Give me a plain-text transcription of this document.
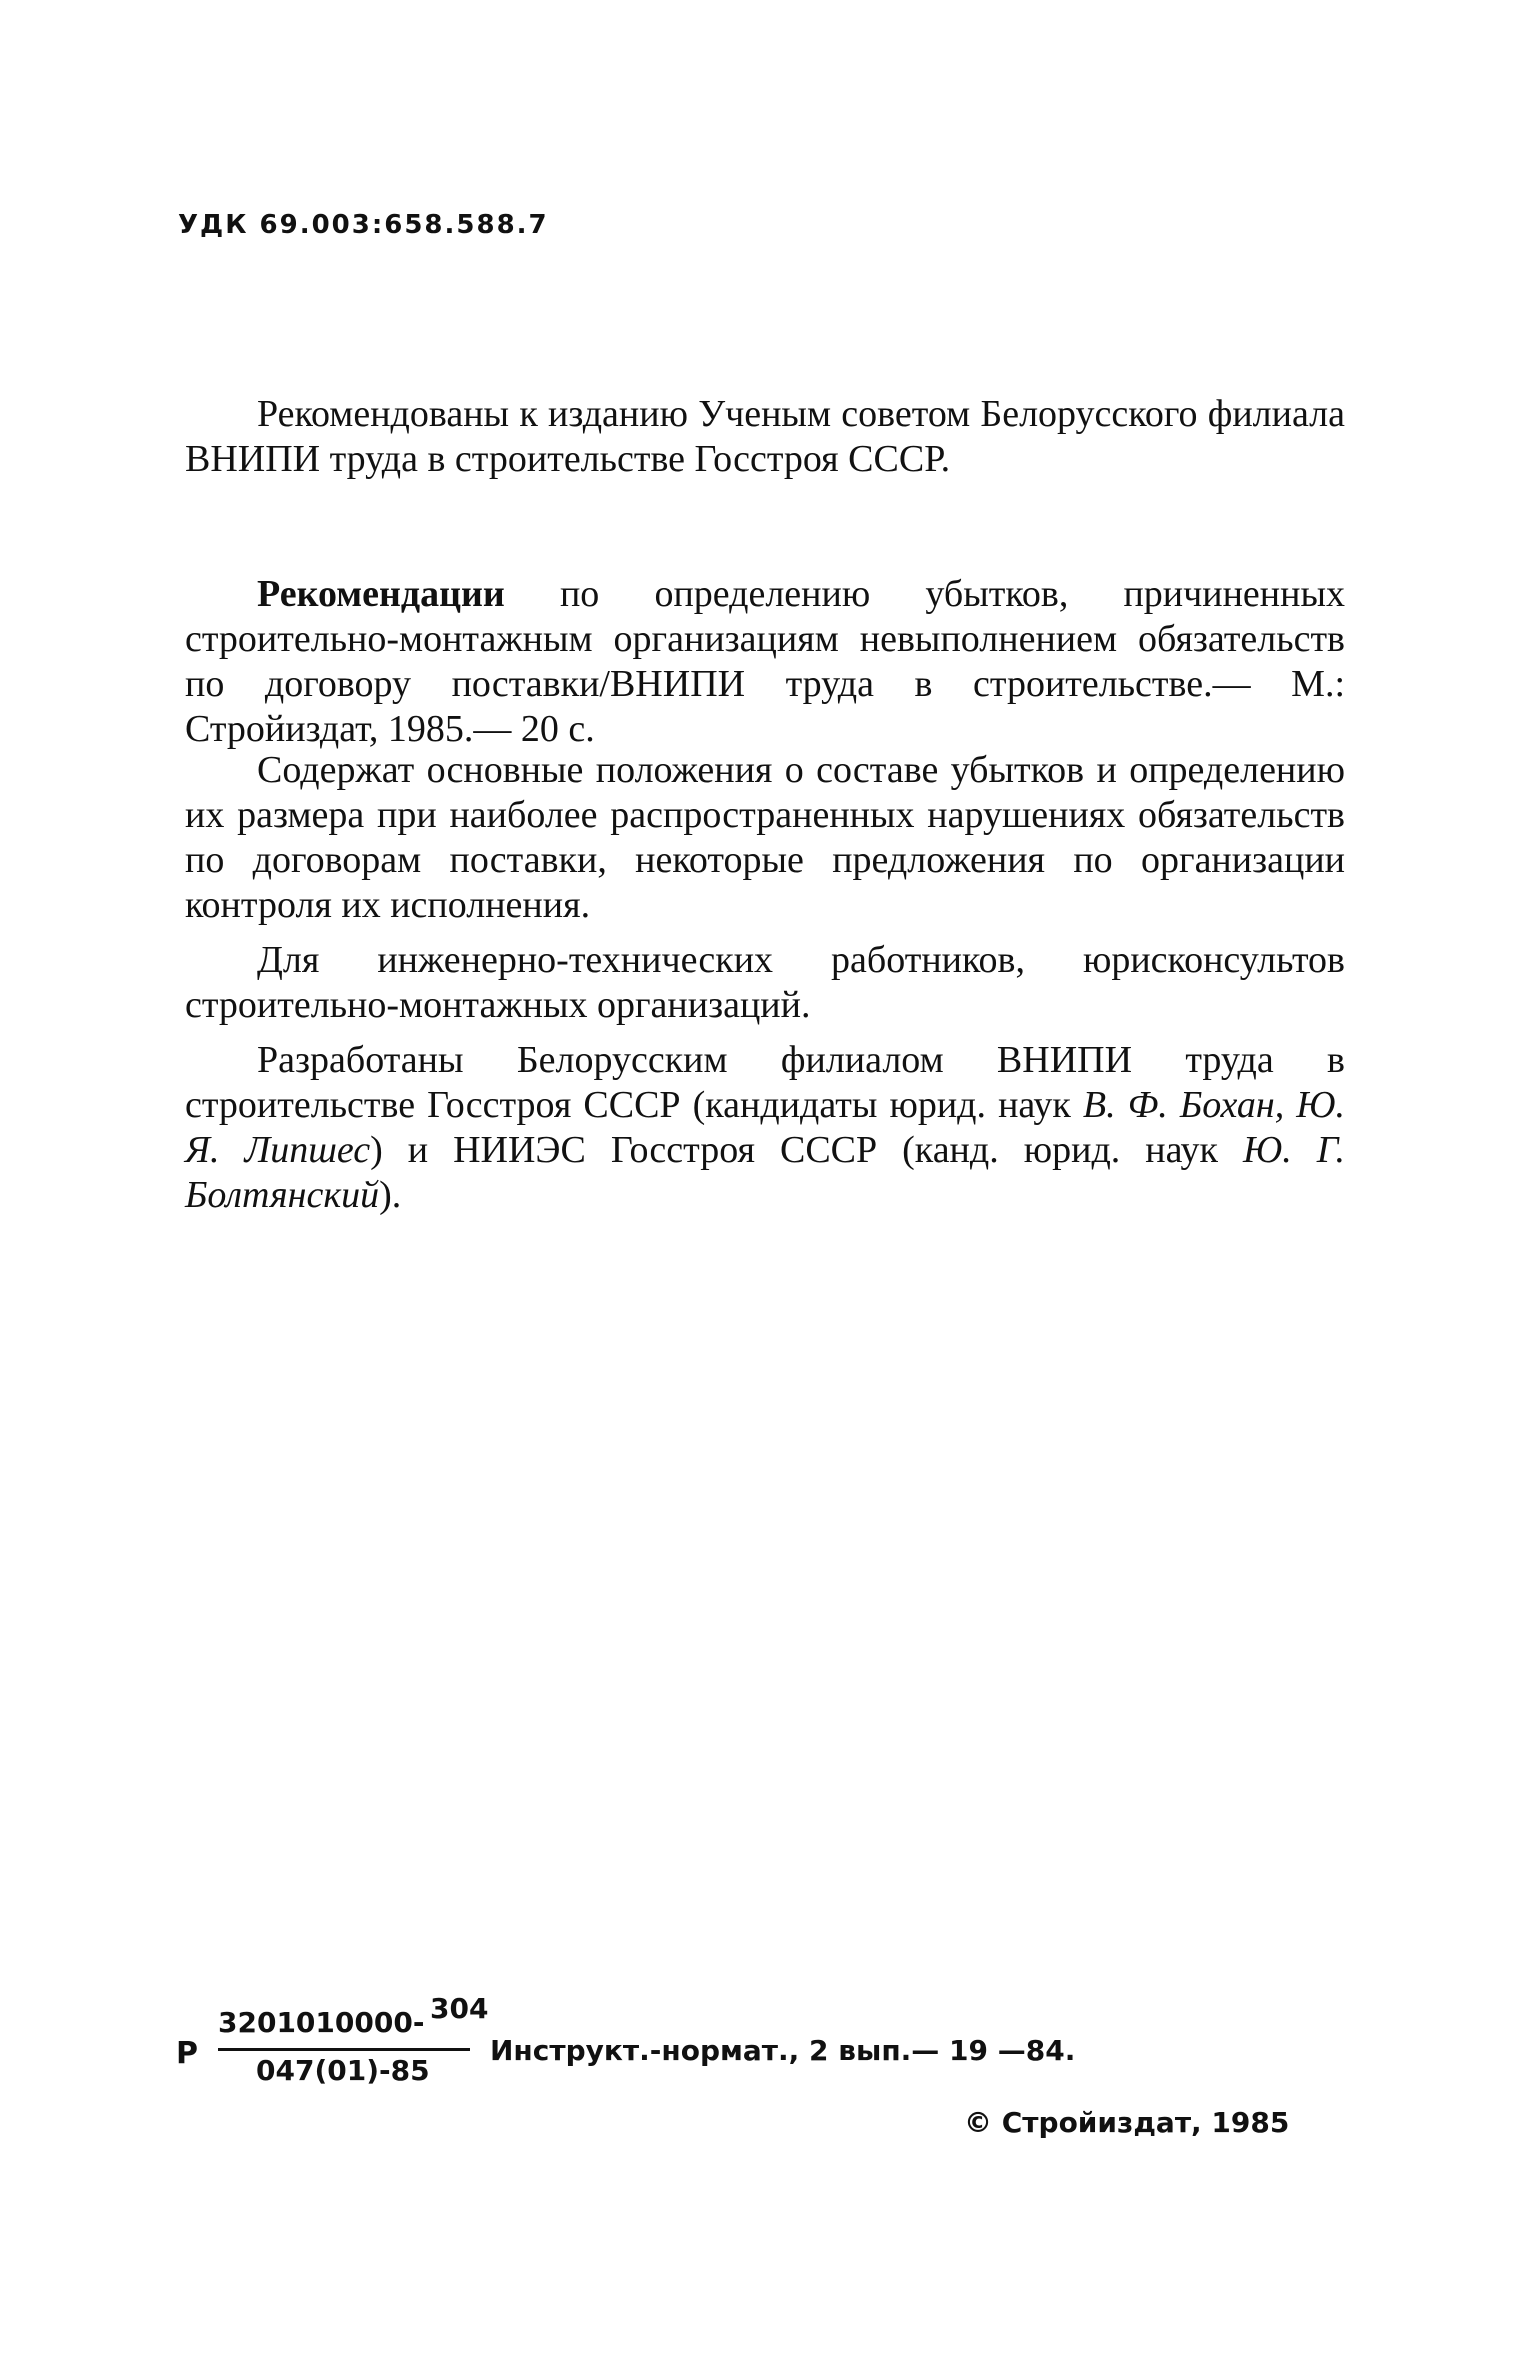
УДК 69.003:658.588.7

Рекомендованы к изданию Ученым советом Белорусского филиала ВНИПИ труда в строительстве Госстроя СССР.

Рекомендации по определению убытков, причиненных строительно-монтажным организациям невыполнением обязательств по договору поставки/ВНИПИ труда в строительстве.— М.: Стройиздат, 1985.— 20 с.

Содержат основные положения о составе убытков и определению их размера при наиболее распространенных нарушениях обязательств по договорам поставки, некоторые предложения по организации контроля их исполнения.

Для инженерно-технических работников, юрисконсультов строительно-монтажных организаций.

Разработаны Белорусским филиалом ВНИПИ труда в строительстве Госстроя СССР (кандидаты юрид. наук В. Ф. Бохан, Ю. Я. Липшес) и НИИЭС Госстроя СССР (канд. юрид. наук Ю. Г. Болтянский).

Р
3201010000- 304
047(01)-85
Инструкт.-нормат., 2 вып.— 19 —84.
© Стройиздат, 1985
